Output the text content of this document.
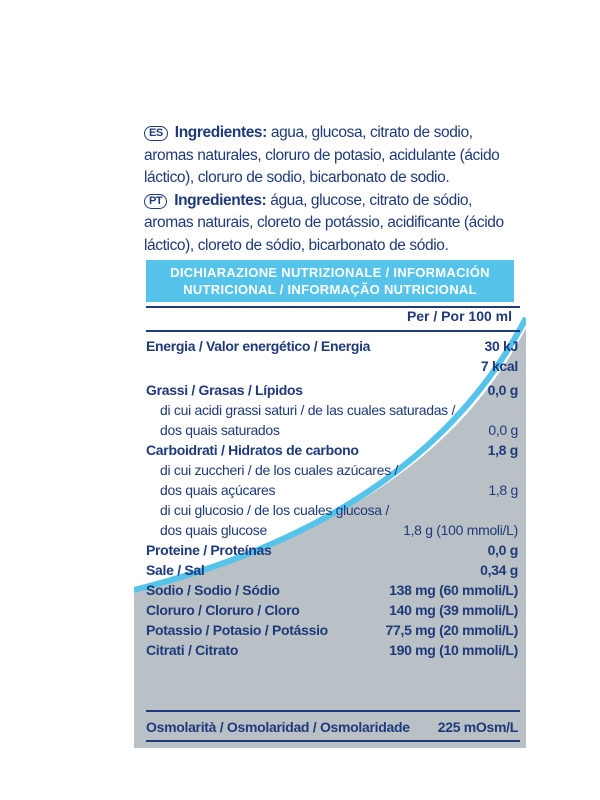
ES Ingredientes: agua, glucosa, citrato de sodio, aromas naturales, cloruro de potasio, acidulante (ácido láctico), cloruro de sodio, bicarbonato de sodio.

PT Ingredientes: água, glucose, citrato de sódio, aromas naturais, cloreto de potássio, acidificante (ácido láctico), cloreto de sódio, bicarbonato de sódio.

DICHIARAZIONE NUTRIZIONALE / INFORMACIÓN
NUTRICIONAL / INFORMAÇÃO NUTRICIONAL
Per / Por 100 ml
Energia / Valor energético / Energia	30 kJ
7 kcal
Grassi / Grasas / Lípidos	0,0 g
di cui acidi grassi saturi / de las cuales saturadas /
dos quais saturados	0,0 g
Carboidrati / Hidratos de carbono	1,8 g
di cui zuccheri / de los cuales azúcares /
dos quais açúcares	1,8 g
di cui glucosio / de los cuales glucosa /
dos quais glucose	1,8 g (100 mmoli/L)
Proteine / Proteínas	0,0 g
Sale / Sal	0,34 g
Sodio / Sodio / Sódio	138 mg (60 mmoli/L)
Cloruro / Cloruro / Cloro	140 mg (39 mmoli/L)
Potassio / Potasio / Potássio	77,5 mg (20 mmoli/L)
Citrati / Citrato	190 mg (10 mmoli/L)
Osmolarità / Osmolaridad / Osmolaridade 225 mOsm/L
